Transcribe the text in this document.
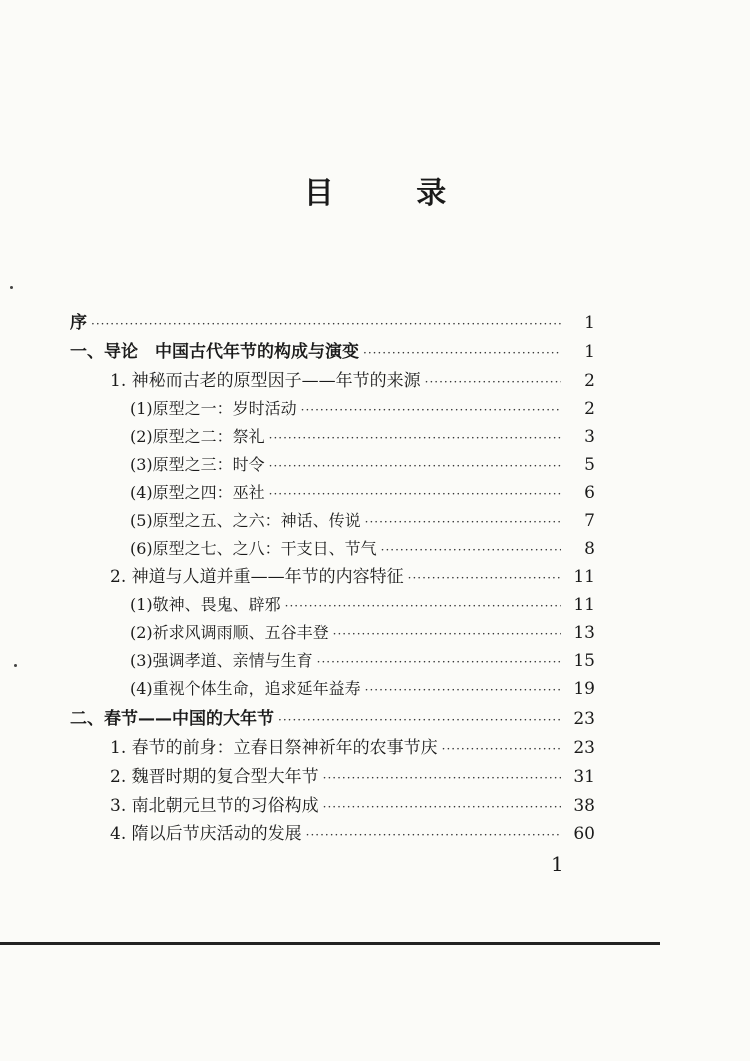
目 录
序 ·····	1
一、导论　中国古代年节的构成与演变 ·····	1
1. 神秘而古老的原型因子——年节的来源 ·····	2
(1)原型之一：岁时活动 ·····	2
(2)原型之二：祭礼 ·····	3
(3)原型之三：时令 ·····	5
(4)原型之四：巫社 ·····	6
(5)原型之五、之六：神话、传说 ·····	7
(6)原型之七、之八：干支日、节气 ·····	8
2. 神道与人道并重——年节的内容特征 ·····	11
(1)敬神、畏鬼、辟邪 ·····	11
(2)祈求风调雨顺、五谷丰登 ·····	13
(3)强调孝道、亲情与生育 ·····	15
(4)重视个体生命，追求延年益寿 ·····	19
二、春节——中国的大年节 ·····	23
1. 春节的前身：立春日祭神祈年的农事节庆 ·····	23
2. 魏晋时期的复合型大年节 ·····	31
3. 南北朝元旦节的习俗构成 ·····	38
4. 隋以后节庆活动的发展 ·····	60
1
